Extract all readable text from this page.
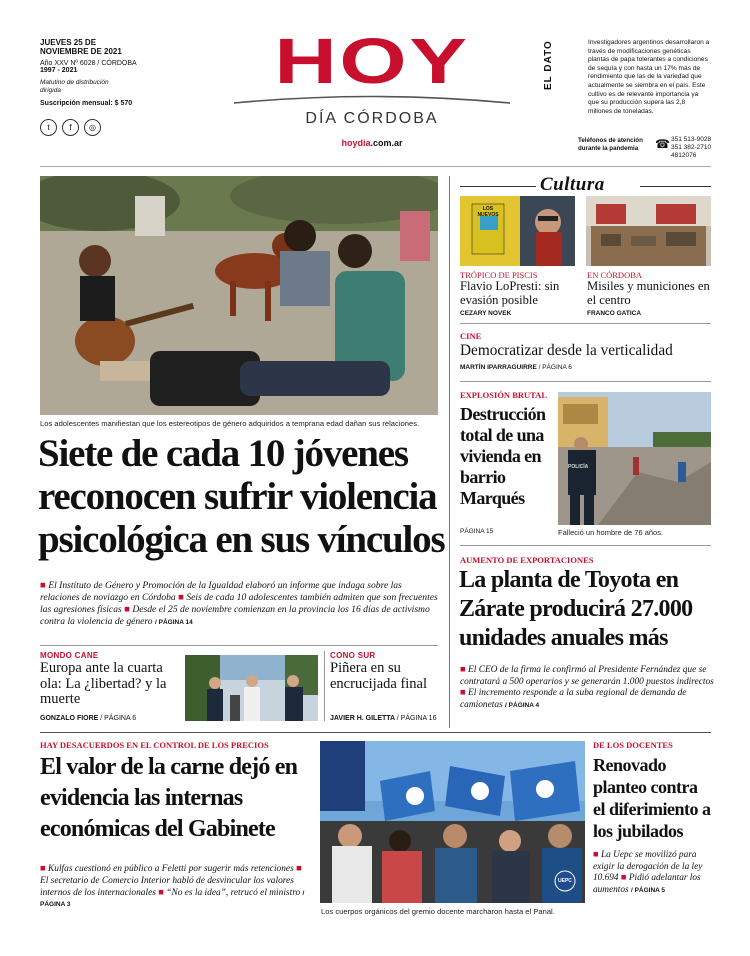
JUEVES 25 DE NOVIEMBRE DE 2021
Año XXV Nº 6028 / CÓRDOBA
1997 - 2021
Matutino de distribución dirigida
Suscripción mensual: $ 570
t	f	◎
HOY
DÍA CÓRDOBA
hoydia.com.ar
EL DATO	Investigadores argentinos desarrollaron a través de modificaciones genéticas plantas de papa tolerantes a condiciones de sequía y con hasta un 17% más de rendimiento que las de la variedad que actualmente se siembra en el país. Este cultivo es de relevante importancia ya que su producción supera las 2,8 millones de toneladas.
Teléfonos de atención durante la pandemia	☎ 351 513-9028
351 382-2710
4812076
Los adolescentes manifiestan que los estereotipos de género adquiridos a temprana edad dañan sus relaciones.
Siete de cada 10 jóvenes reconocen sufrir violencia psicológica en sus vínculos
■ El Instituto de Género y Promoción de la Igualdad elaboró un informe que indaga sobre las relaciones de noviazgo en Córdoba ■ Seis de cada 10 adolescentes también admiten que son frecuentes las agresiones físicas ■ Desde el 25 de noviembre comienzan en la provincia los 16 días de activismo contra la violencia de género / PÁGINA 14
MONDO CANE
Europa ante la cuarta ola: La ¿libertad? y la muerte
GONZALO FIORE / PÁGINA 6
CONO SUR
Piñera en su encrucijada final
JAVIER H. GILETTA / PÁGINA 16
Cultura
LOS NUEVOS
TRÓPICO DE PISCIS
Flavio LoPresti: sin evasión posible
CEZARY NOVEK
EN CÓRDOBA
Misiles y municiones en el centro
FRANCO GATICA
CINE
Democratizar desde la verticalidad
MARTÍN IPARRAGUIRRE / PÁGINA 6
EXPLOSIÓN BRUTAL
Destrucción total de una vivienda en barrio Marqués
PÁGINA 15
POLICÍA
Falleció un hombre de 76 años.
AUMENTO DE EXPORTACIONES
La planta de Toyota en Zárate producirá 27.000 unidades anuales más
■ El CEO de la firma le confirmó al Presidente Fernández que se contratará a 500 operarios y se generarán 1.000 puestos indirectos ■ El incremento responde a la suba regional de demanda de camionetas / PÁGINA 4
HAY DESACUERDOS EN EL CONTROL DE LOS PRECIOS
El valor de la carne dejó en evidencia las internas económicas del Gabinete
■ Kulfas cuestionó en público a Feletti por sugerir más retenciones ■ El secretario de Comercio Interior habló de desvincular los valores internos de los internacionales ■ “No es la idea”, retrucó el ministro / PÁGINA 3
UEPC
Los cuerpos orgánicos del gremio docente marcharon hasta el Panal.
DE LOS DOCENTES
Renovado planteo contra el diferimiento a los jubilados
■ La Uepc se movilizó para exigir la derogación de la ley 10.694 ■ Pidió adelantar los aumentos / PÁGINA 5
